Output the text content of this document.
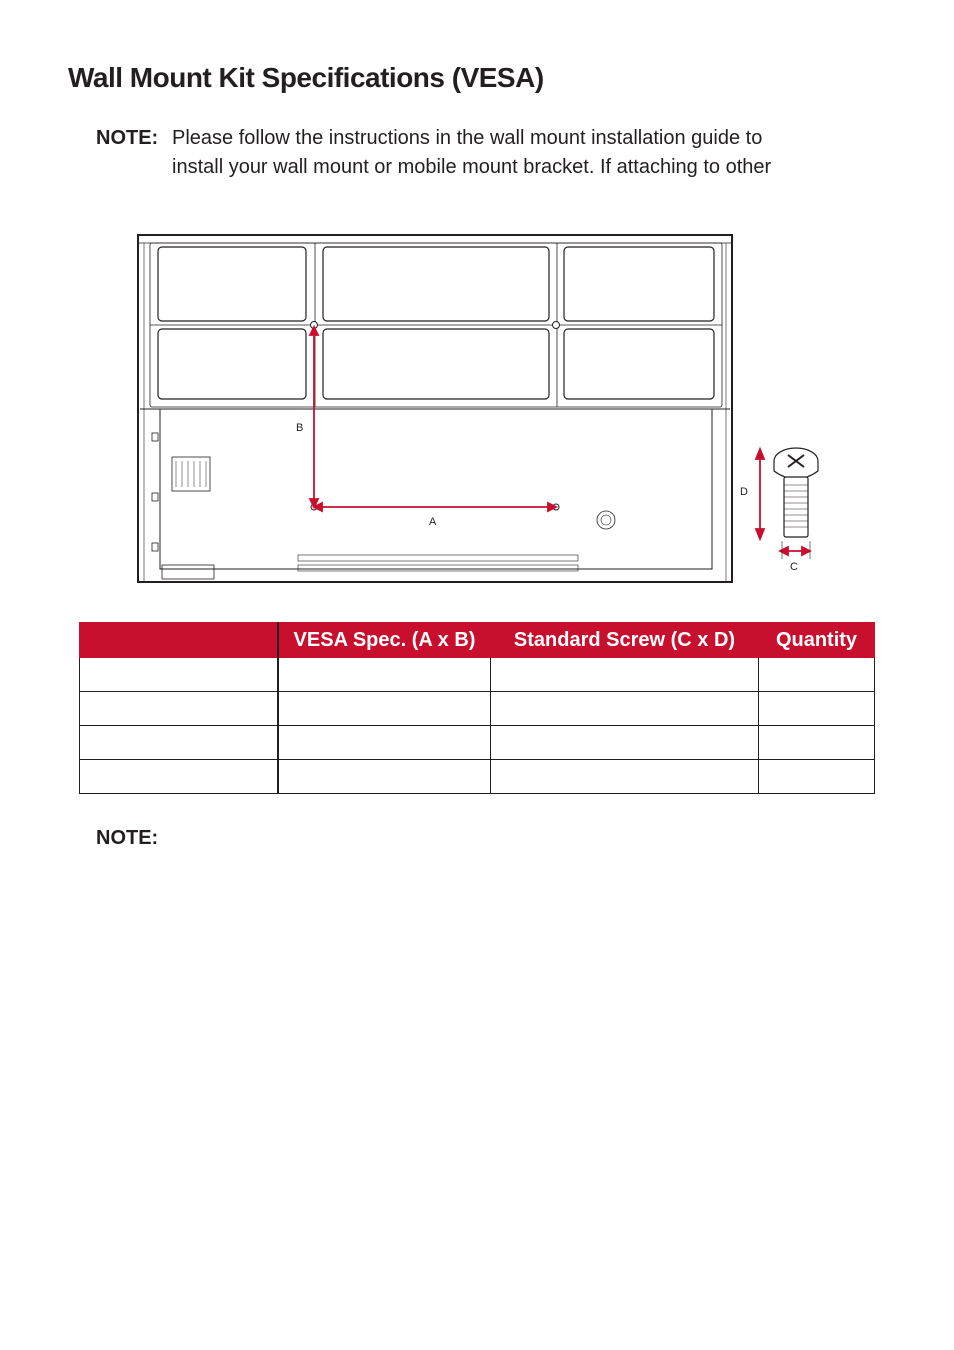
Wall Mount Kit Specifications (VESA)
NOTE: Please follow the instructions in the wall mount installation guide to
install your wall mount or mobile mount bracket. If attaching to other
B
A
D
C
	VESA Spec. (A x B)	Standard Screw (C x D)	Quantity

NOTE:
